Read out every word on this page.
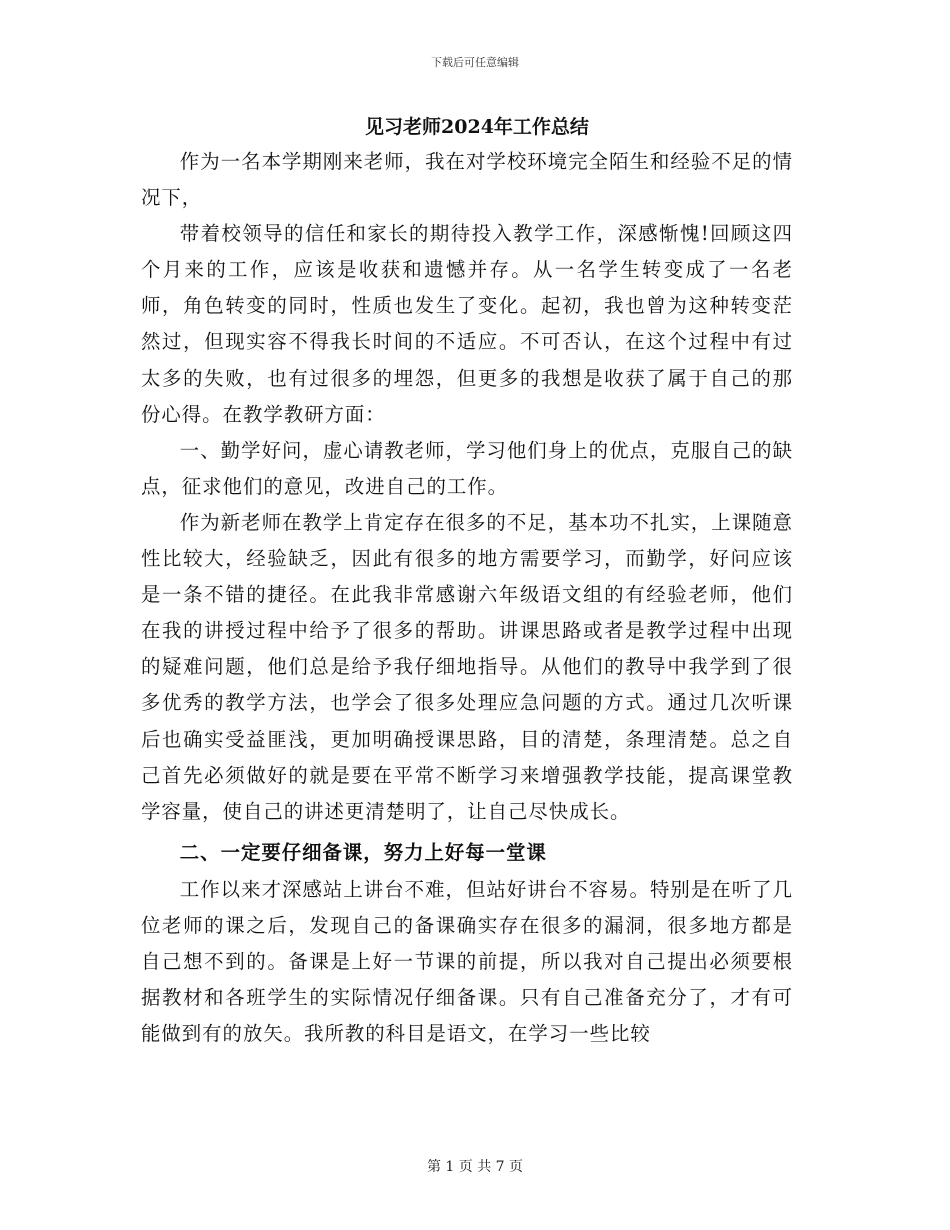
下载后可任意编辑
见习老师2024年工作总结

作为一名本学期刚来老师，我在对学校环境完全陌生和经验不足的情况下，

带着校领导的信任和家长的期待投入教学工作，深感惭愧!回顾这四个月来的工作，应该是收获和遗憾并存。从一名学生转变成了一名老师，角色转变的同时，性质也发生了变化。起初，我也曾为这种转变茫然过，但现实容不得我长时间的不适应。不可否认，在这个过程中有过太多的失败，也有过很多的埋怨，但更多的我想是收获了属于自己的那份心得。在教学教研方面：

一、勤学好问，虚心请教老师，学习他们身上的优点，克服自己的缺点，征求他们的意见，改进自己的工作。

作为新老师在教学上肯定存在很多的不足，基本功不扎实，上课随意性比较大，经验缺乏，因此有很多的地方需要学习，而勤学，好问应该是一条不错的捷径。在此我非常感谢六年级语文组的有经验老师，他们在我的讲授过程中给予了很多的帮助。讲课思路或者是教学过程中出现的疑难问题，他们总是给予我仔细地指导。从他们的教导中我学到了很多优秀的教学方法，也学会了很多处理应急问题的方式。通过几次听课后也确实受益匪浅，更加明确授课思路，目的清楚，条理清楚。总之自己首先必须做好的就是要在平常不断学习来增强教学技能，提高课堂教学容量，使自己的讲述更清楚明了，让自己尽快成长。

二、一定要仔细备课，努力上好每一堂课

工作以来才深感站上讲台不难，但站好讲台不容易。特别是在听了几位老师的课之后，发现自己的备课确实存在很多的漏洞，很多地方都是自己想不到的。备课是上好一节课的前提，所以我对自己提出必须要根据教材和各班学生的实际情况仔细备课。只有自己准备充分了，才有可能做到有的放矢。我所教的科目是语文，在学习一些比较

第 1 页 共 7 页
